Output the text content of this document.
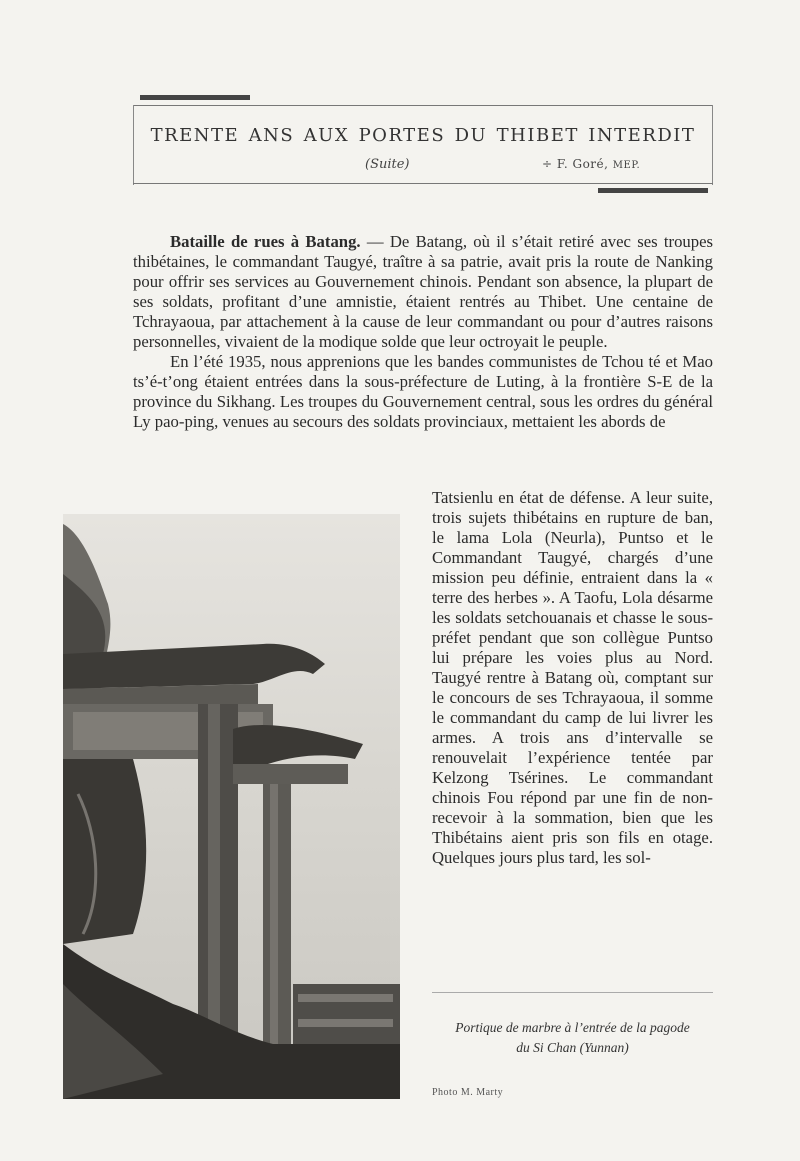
trente ans aux portes du thibet interdit
(Suite)	÷ F. Goré, MEP.

Bataille de rues à Batang. — De Batang, où il s’était retiré avec ses troupes thibétaines, le commandant Taugyé, traître à sa patrie, avait pris la route de Nanking pour offrir ses services au Gouvernement chinois. Pendant son absence, la plupart de ses soldats, profitant d’une amnistie, étaient rentrés au Thibet. Une centaine de Tchrayaoua, par attachement à la cause de leur commandant ou pour d’autres raisons personnelles, vivaient de la modique solde que leur octroyait le peuple.

En l’été 1935, nous apprenions que les bandes communistes de Tchou té et Mao ts’é-t’ong étaient entrées dans la sous-préfecture de Luting, à la frontière S-E de la province du Sikhang. Les troupes du Gouvernement central, sous les ordres du général Ly pao-ping, venues au secours des soldats provinciaux, mettaient les abords de

Tatsienlu en état de défense. A leur suite, trois sujets thibétains en rupture de ban, le lama Lola (Neurla), Puntso et le Commandant Taugyé, chargés d’une mission peu définie, entraient dans la « terre des herbes ». A Taofu, Lola désarme les soldats setchouanais et chasse le sous-préfet pendant que son collègue Puntso lui prépare les voies plus au Nord. Taugyé rentre à Batang où, comptant sur le concours de ses Tchrayaoua, il somme le commandant du camp de lui livrer les armes. A trois ans d’intervalle se renouvelait l’expérience tentée par Kelzong Tsérines. Le commandant chinois Fou répond par une fin de non-recevoir à la sommation, bien que les Thibétains aient pris son fils en otage. Quelques jours plus tard, les sol-
Portique de marbre à l’entrée de la pagode
du Si Chan (Yunnan)
Photo M. Marty
